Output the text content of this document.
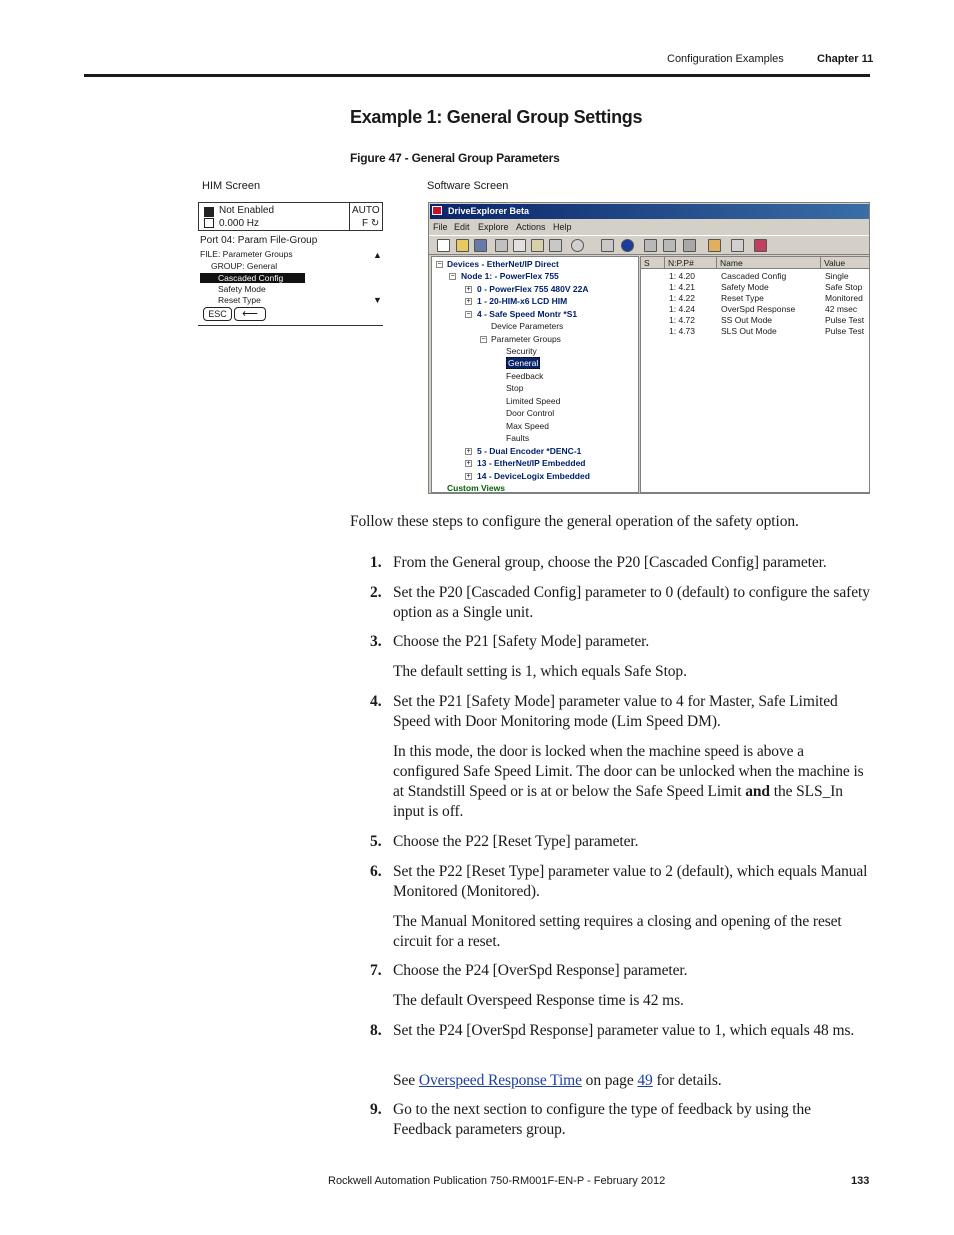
Configuration Examples	Chapter 11
Example 1: General Group Settings
Figure 47 - General Group Parameters
HIM Screen	Software Screen
Not Enabled
0.000 Hz
AUTO
F ↻
Port 04: Param File-Group
FILE: Parameter Groups
GROUP: General
Cascaded Config
Safety Mode
Reset Type
▲
▼
ESC	⟵
DriveExplorer Beta
File Edit Explore Actions Help
− Devices - EtherNet/IP Direct
− Node 1: - PowerFlex 755
+ 0 - PowerFlex 755 480V 22A
+ 1 - 20-HIM-x6 LCD HIM
− 4 - Safe Speed Montr *S1
Device Parameters
− Parameter Groups
Security
General
Feedback
Stop
Limited Speed
Door Control
Max Speed
Faults
+ 5 - Dual Encoder *DENC-1
+ 13 - EtherNet/IP Embedded
+ 14 - DeviceLogix Embedded
Custom Views
S	N:P.P#	Name	Value
1: 4.20	Cascaded Config	Single
1: 4.21	Safety Mode	Safe Stop
1: 4.22	Reset Type	Monitored
1: 4.24	OverSpd Response	42 msec
1: 4.72	SS Out Mode	Pulse Test
1: 4.73	SLS Out Mode	Pulse Test
Follow these steps to configure the general operation of the safety option.
1. From the General group, choose the P20 [Cascaded Config] parameter.
2. Set the P20 [Cascaded Config] parameter to 0 (default) to configure the safety option as a Single unit.
3. Choose the P21 [Safety Mode] parameter.
The default setting is 1, which equals Safe Stop.
4. Set the P21 [Safety Mode] parameter value to 4 for Master, Safe Limited Speed with Door Monitoring mode (Lim Speed DM).
In this mode, the door is locked when the machine speed is above a configured Safe Speed Limit. The door can be unlocked when the machine is at Standstill Speed or is at or below the Safe Speed Limit and the SLS_In input is off.
5. Choose the P22 [Reset Type] parameter.
6. Set the P22 [Reset Type] parameter value to 2 (default), which equals Manual Monitored (Monitored).
The Manual Monitored setting requires a closing and opening of the reset circuit for a reset.
7. Choose the P24 [OverSpd Response] parameter.
The default Overspeed Response time is 42 ms.
8. Set the P24 [OverSpd Response] parameter value to 1, which equals 48 ms.
See Overspeed Response Time on page 49 for details.
9. Go to the next section to configure the type of feedback by using the Feedback parameters group.
Rockwell Automation Publication 750-RM001F-EN-P - February 2012	133
